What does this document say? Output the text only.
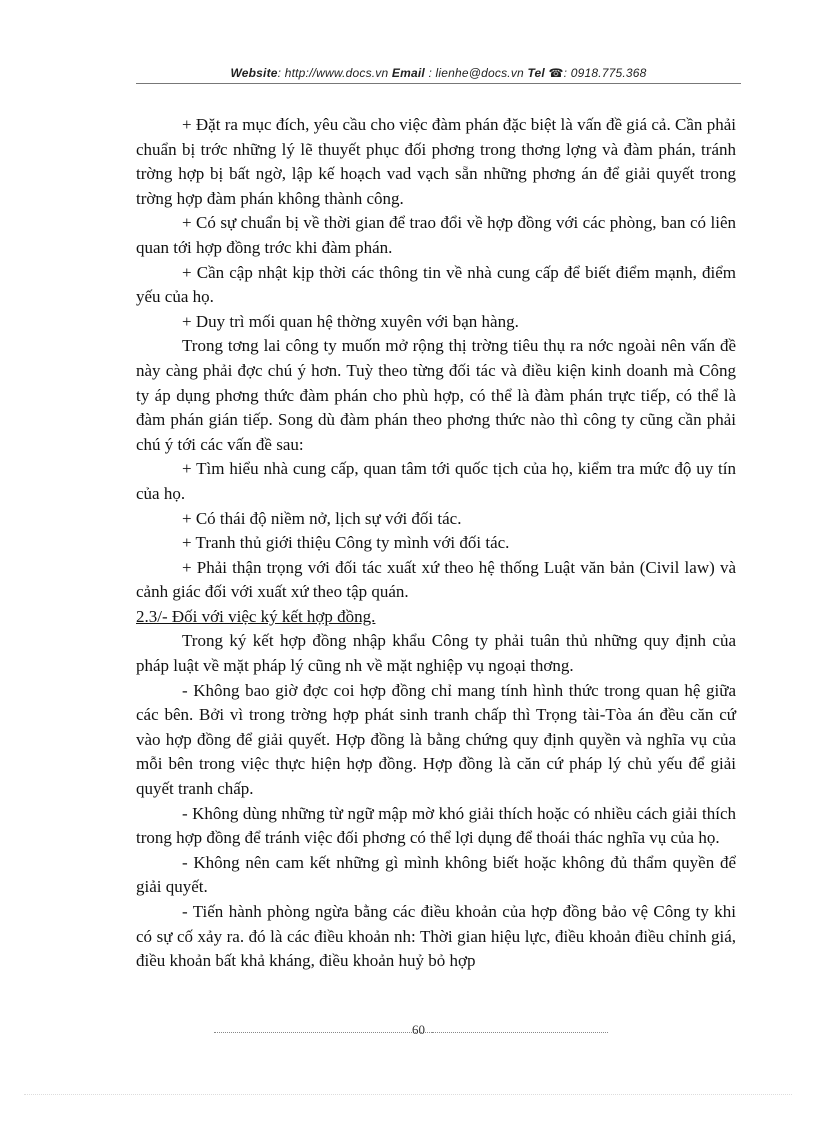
Website: http://www.docs.vn Email : lienhe@docs.vn Tel ☎: 0918.775.368

+ Đặt ra mục đích, yêu cầu cho việc đàm phán đặc biệt là vấn đề giá cả. Cần phải chuẩn bị trớc những lý lẽ thuyết phục đối phơng trong thơng lợng và đàm phán, tránh trờng hợp bị bất ngờ, lập kế hoạch vad vạch sẵn những phơng án để giải quyết trong trờng hợp đàm phán không thành công.

+ Có sự chuẩn bị về thời gian để trao đổi về hợp đồng với các phòng, ban có liên quan tới hợp đồng trớc khi đàm phán.

+ Cần cập nhật kịp thời các thông tin về nhà cung cấp để biết điểm mạnh, điểm yếu của họ.

+ Duy trì mối quan hệ thờng xuyên với bạn hàng.

Trong tơng lai công ty muốn mở rộng thị trờng tiêu thụ ra nớc ngoài nên vấn đề này càng phải đợc chú ý hơn. Tuỳ theo từng đối tác và điều kiện kinh doanh mà Công ty áp dụng phơng thức đàm phán cho phù hợp, có thể là đàm phán trực tiếp, có thể là đàm phán gián tiếp. Song dù đàm phán theo phơng thức nào thì công ty cũng cần phải chú ý tới các vấn đề sau:

+ Tìm hiểu nhà cung cấp, quan tâm tới quốc tịch của họ, kiểm tra mức độ uy tín của họ.

+ Có thái độ niềm nở, lịch sự với đối tác.

+ Tranh thủ giới thiệu Công ty mình với đối tác.

+ Phải thận trọng với đối tác xuất xứ theo hệ thống Luật văn bản (Civil law) và cảnh giác đối với xuất xứ theo tập quán.

2.3/- Đối với việc ký kết hợp đồng.

Trong ký kết hợp đồng nhập khẩu Công ty phải tuân thủ những quy định của pháp luật về mặt pháp lý cũng nh về mặt nghiệp vụ ngoại thơng.

- Không bao giờ đợc coi hợp đồng chỉ mang tính hình thức trong quan hệ giữa các bên. Bởi vì trong trờng hợp phát sinh tranh chấp thì Trọng tài-Tòa án đều căn cứ vào hợp đồng để giải quyết. Hợp đồng là bằng chứng quy định quyền và nghĩa vụ của mỗi bên trong việc thực hiện hợp đồng. Hợp đồng là căn cứ pháp lý chủ yếu để giải quyết tranh chấp.

- Không dùng những từ ngữ mập mờ khó giải thích hoặc có nhiều cách giải thích trong hợp đồng để tránh việc đối phơng có thể lợi dụng để thoái thác nghĩa vụ của họ.

- Không nên cam kết những gì mình không biết hoặc không đủ thẩm quyền để giải quyết.

- Tiến hành phòng ngừa bằng các điều khoản của hợp đồng bảo vệ Công ty khi có sự cố xảy ra. đó là các điều khoản nh: Thời gian hiệu lực, điều khoản điều chỉnh giá, điều khoản bất khả kháng, điều khoản huỷ bỏ hợp

60
